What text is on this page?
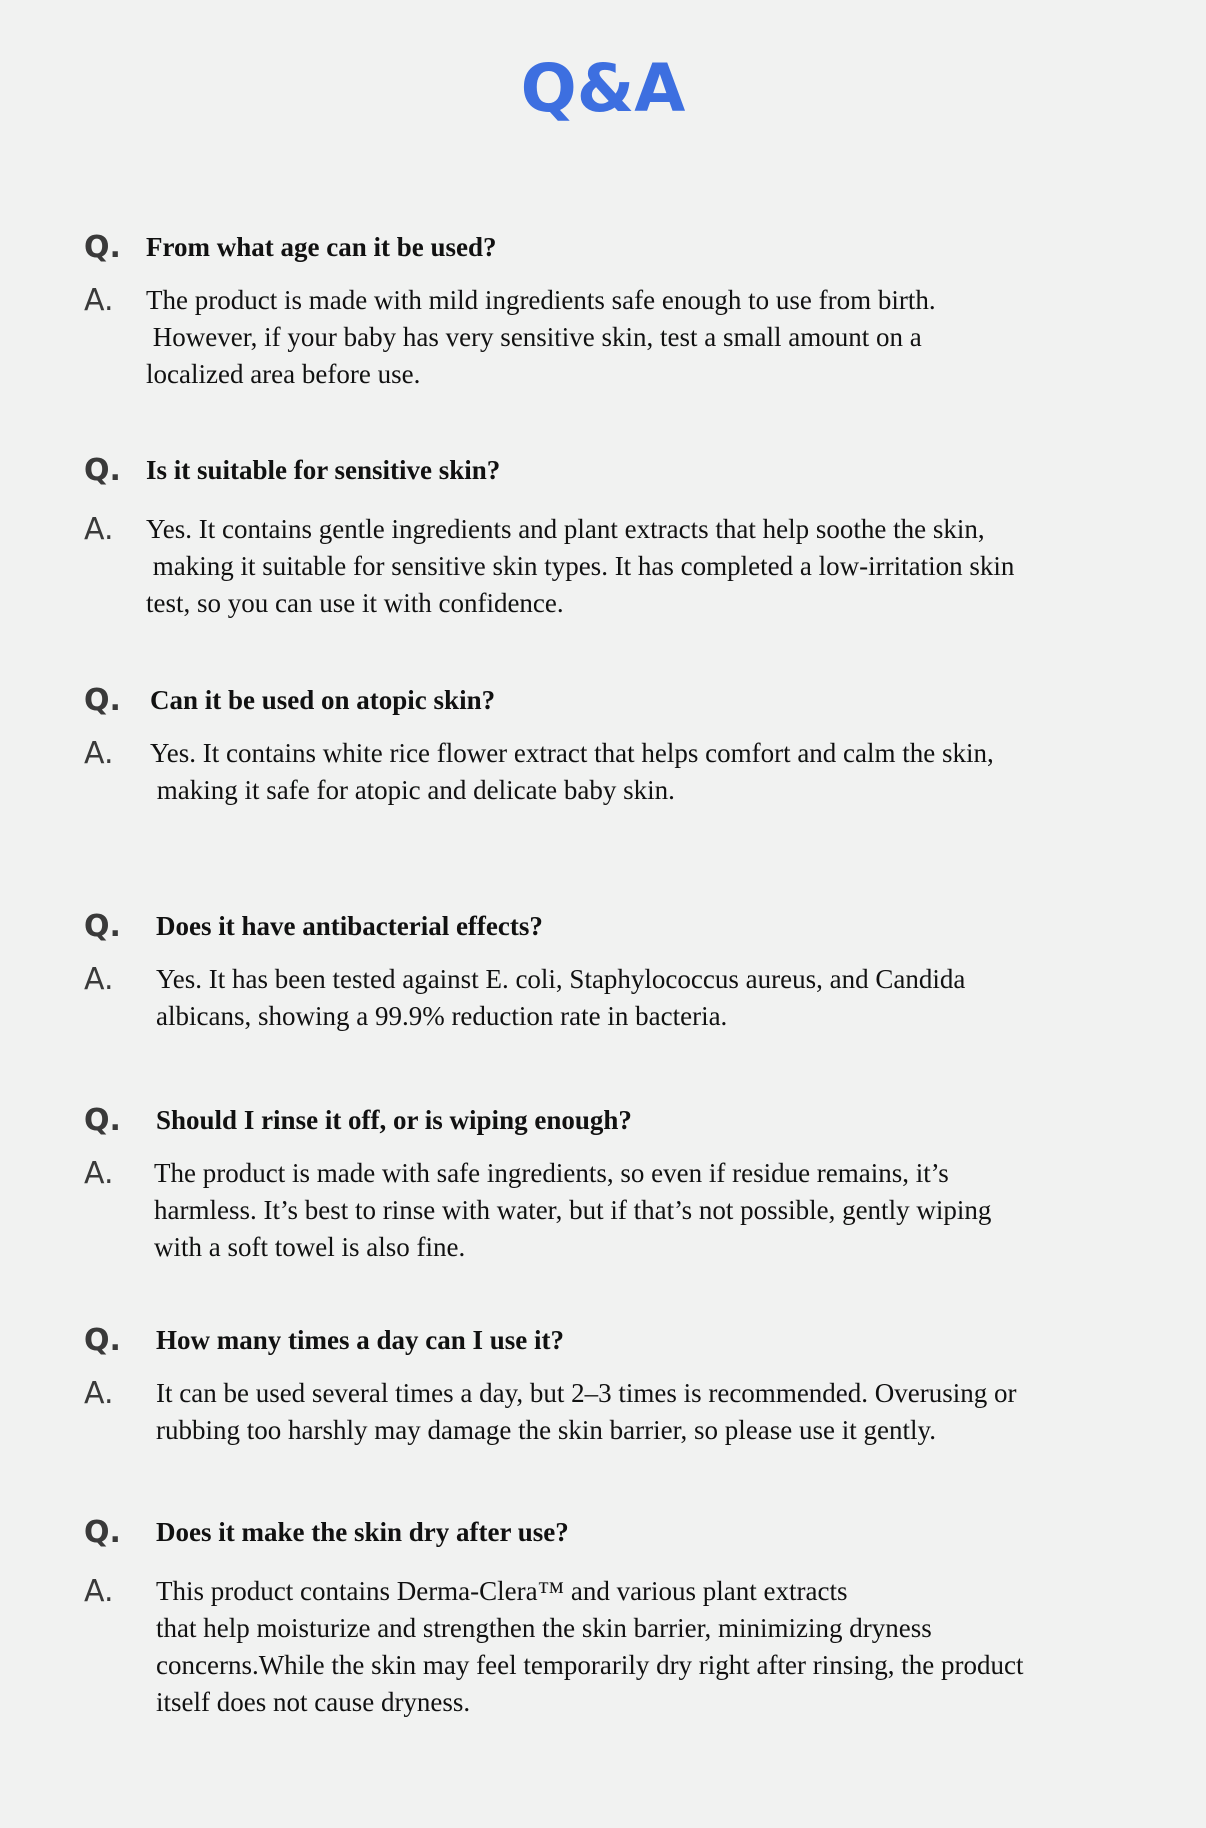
Q&A
Q. From what age can it be used?
A.	The product is made with mild ingredients safe enough to use from birth.
However, if your baby has very sensitive skin, test a small amount on a
localized area before use.
Q. Is it suitable for sensitive skin?
A.	Yes. It contains gentle ingredients and plant extracts that help soothe the skin,
making it suitable for sensitive skin types. It has completed a low-irritation skin
test, so you can use it with confidence.
Q.	Can it be used on atopic skin?
A.	Yes. It contains white rice flower extract that helps comfort and calm the skin,
making it safe for atopic and delicate baby skin.
Q.	Does it have antibacterial effects?
A.	Yes. It has been tested against E. coli, Staphylococcus aureus, and Candida
albicans, showing a 99.9% reduction rate in bacteria.
Q.	Should I rinse it off, or is wiping enough?
A.	The product is made with safe ingredients, so even if residue remains, it’s
harmless. It’s best to rinse with water, but if that’s not possible, gently wiping
with a soft towel is also fine.
Q.	How many times a day can I use it?
A.	It can be used several times a day, but 2–3 times is recommended. Overusing or
rubbing too harshly may damage the skin barrier, so please use it gently.
Q.	Does it make the skin dry after use?
A.	This product contains Derma-Clera™ and various plant extracts
that help moisturize and strengthen the skin barrier, minimizing dryness
concerns.While the skin may feel temporarily dry right after rinsing, the product
itself does not cause dryness.
